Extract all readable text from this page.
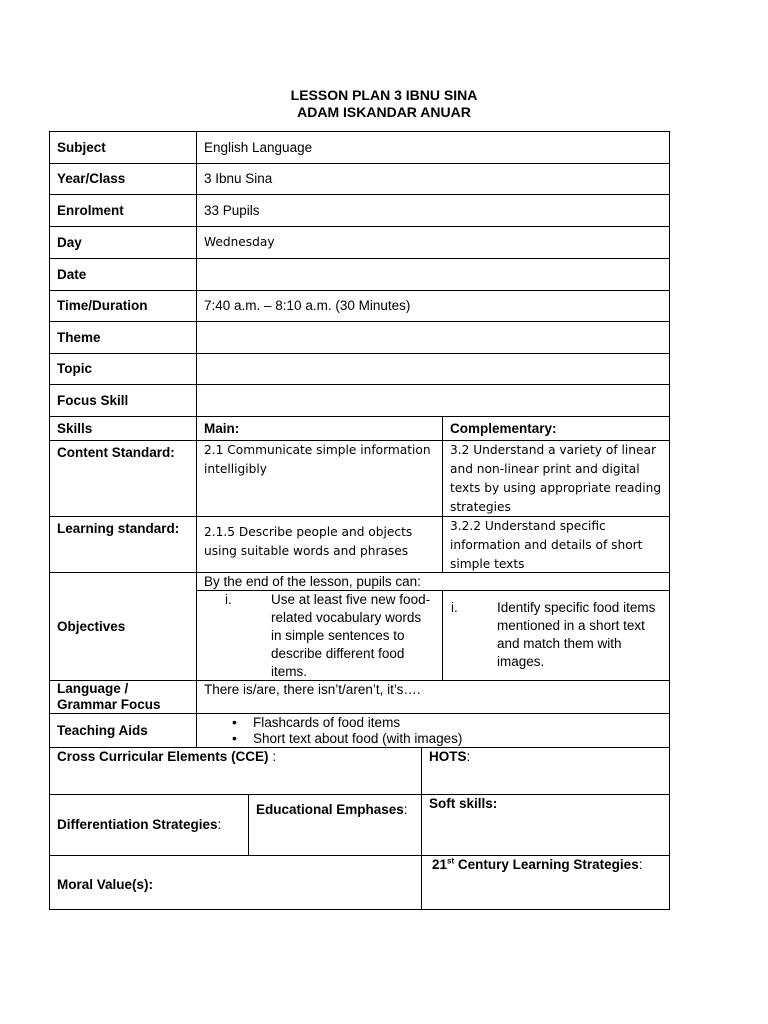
LESSON PLAN 3 IBNU SINA
ADAM ISKANDAR ANUAR
Subject	English Language
Year/Class	3 Ibnu Sina
Enrolment	33 Pupils
Day	Wednesday
Date
Time/Duration	7:40 a.m. – 8:10 a.m. (30 Minutes)
Theme
Topic
Focus Skill
Skills	Main:	Complementary:
Content Standard:	2.1 Communicate simple information intelligibly
3.2 Understand a variety of linear and non-linear print and digital texts by using appropriate reading strategies
Learning standard:	2.1.5 Describe people and objects using suitable words and phrases
3.2.2 Understand specific information and details of short simple texts
Objectives
By the end of the lesson, pupils can:
i.	Use at least five new food-related vocabulary words in simple sentences to describe different food items.
i.	Identify specific food items mentioned in a short text and match them with images.
Language /
Grammar Focus
There is/are, there isn’t/aren’t, it’s….
Teaching Aids
•	Flashcards of food items
• Short text about food (with images)
Cross Curricular Elements (CCE) :	HOTS:
Differentiation Strategies:
Educational Emphases:	Soft skills:
Moral Value(s):
21st Century Learning Strategies:
